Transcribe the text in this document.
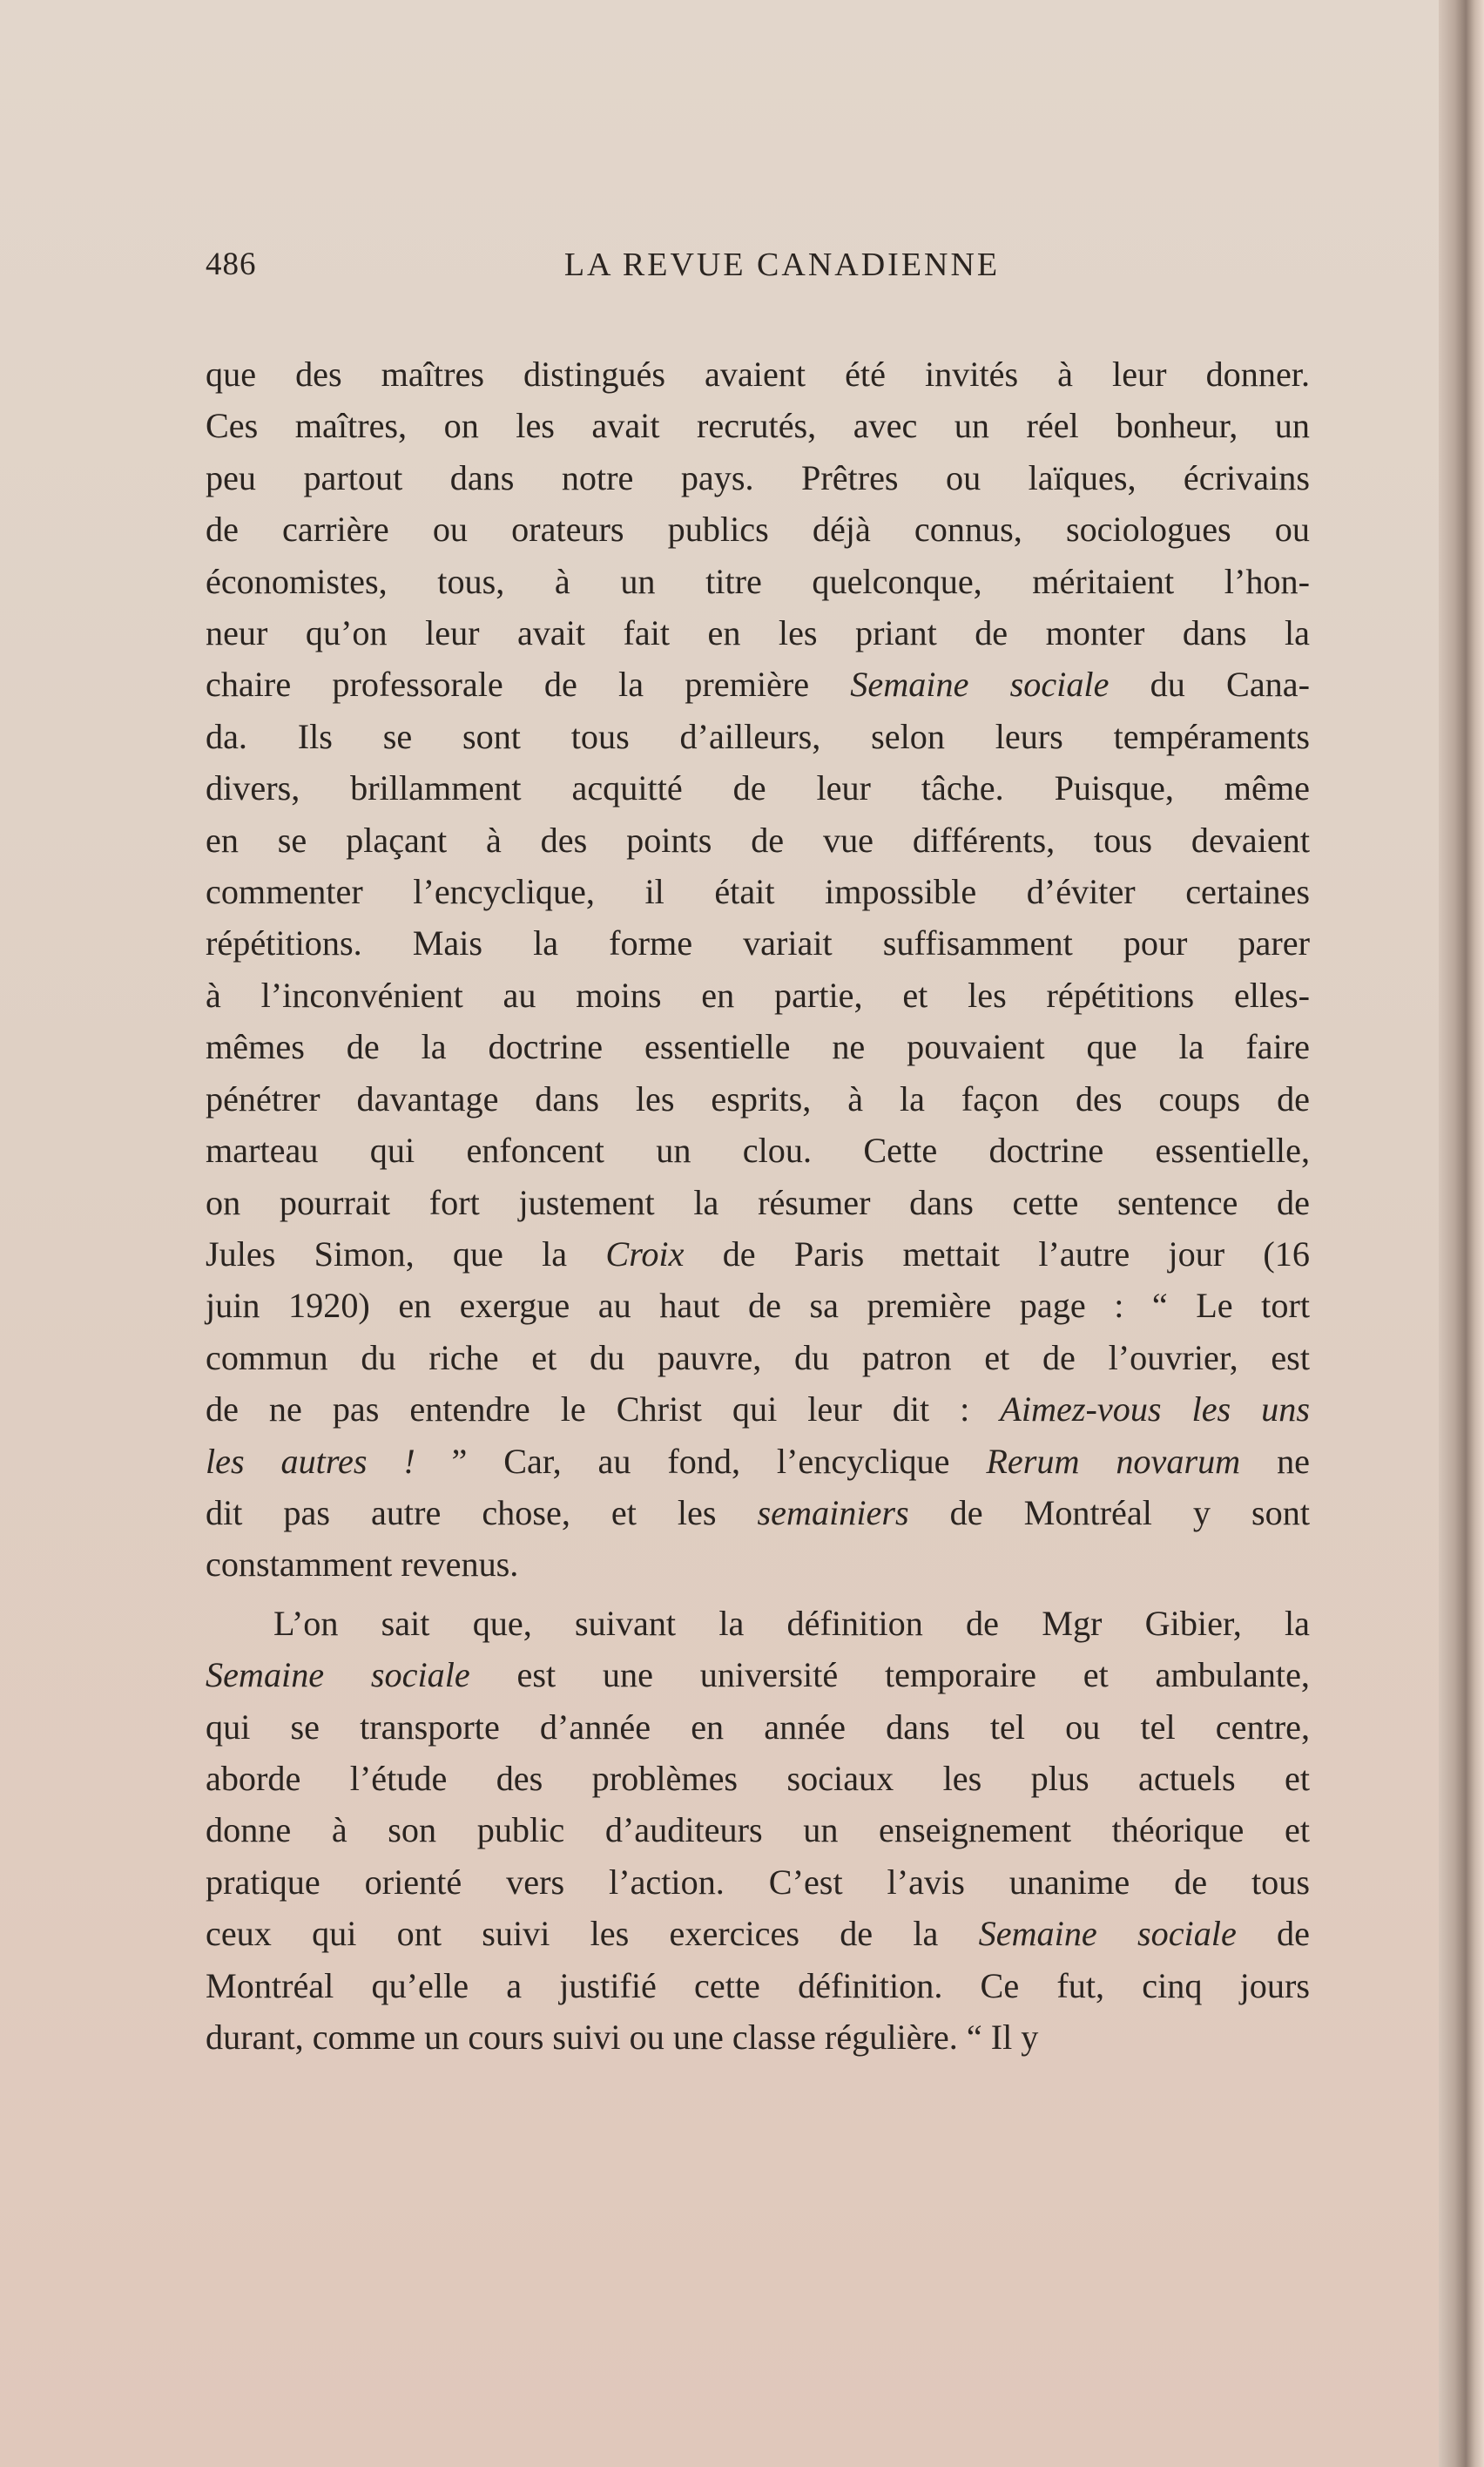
486	LA REVUE CANADIENNE
que des maîtres distingués avaient été invités à leur donner.
Ces maîtres, on les avait recrutés, avec un réel bonheur, un
peu partout dans notre pays. Prêtres ou laïques, écrivains
de carrière ou orateurs publics déjà connus, sociologues ou
économistes, tous, à un titre quelconque, méritaient l’hon-
neur qu’on leur avait fait en les priant de monter dans la
chaire professorale de la première Semaine sociale du Cana-
da. Ils se sont tous d’ailleurs, selon leurs tempéraments
divers, brillamment acquitté de leur tâche. Puisque, même
en se plaçant à des points de vue différents, tous devaient
commenter l’encyclique, il était impossible d’éviter certaines
répétitions. Mais la forme variait suffisamment pour parer
à l’inconvénient au moins en partie, et les répétitions elles-
mêmes de la doctrine essentielle ne pouvaient que la faire
pénétrer davantage dans les esprits, à la façon des coups de
marteau qui enfoncent un clou. Cette doctrine essentielle,
on pourrait fort justement la résumer dans cette sentence de
Jules Simon, que la Croix de Paris mettait l’autre jour (16
juin 1920) en exergue au haut de sa première page : “ Le tort
commun du riche et du pauvre, du patron et de l’ouvrier, est
de ne pas entendre le Christ qui leur dit : Aimez-vous les uns
les autres ! ” Car, au fond, l’encyclique Rerum novarum ne
dit pas autre chose, et les semainiers de Montréal y sont
constamment revenus.
L’on sait que, suivant la définition de Mgr Gibier, la
Semaine sociale est une université temporaire et ambulante,
qui se transporte d’année en année dans tel ou tel centre,
aborde l’étude des problèmes sociaux les plus actuels et
donne à son public d’auditeurs un enseignement théorique et
pratique orienté vers l’action. C’est l’avis unanime de tous
ceux qui ont suivi les exercices de la Semaine sociale de
Montréal qu’elle a justifié cette définition. Ce fut, cinq jours
durant, comme un cours suivi ou une classe régulière. “ Il y
